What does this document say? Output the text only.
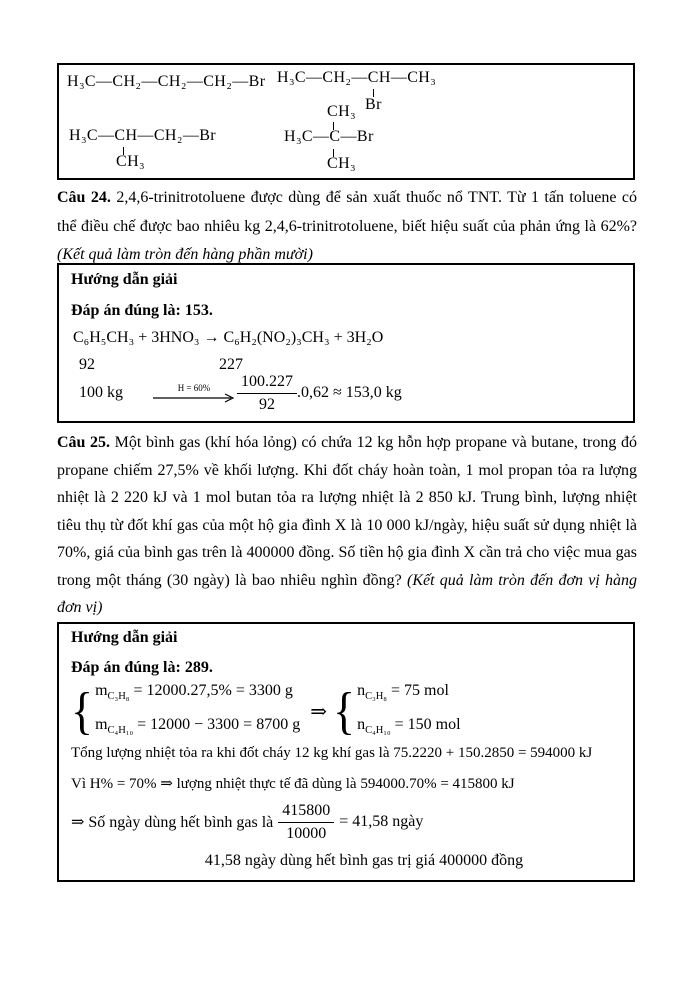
H₃C—CH₂—CH₂—CH₂—Br H₃C—CH₂—CH—CH₃
Br
H₃C—CH—CH₂—Br
CH₃
CH₃
H₃C—C—Br
CH₃

Câu 24. 2,4,6-trinitrotoluene được dùng để sản xuất thuốc nổ TNT. Từ 1 tấn toluene có thể điều chế được bao nhiêu kg 2,4,6-trinitrotoluene, biết hiệu suất của phản ứng là 62%? (Kết quả làm tròn đến hàng phần mười)

Hướng dẫn giải
Đáp án đúng là: 153.
C₆H₅CH₃ + 3HNO₃ → C₆H₂(NO₂)₃CH₃ + 3H₂O
92	227
100 kg	$H = 60\% \frac{100.227}{92} .0,62 \approx 153,0$ kg

Câu 25. Một bình gas (khí hóa lỏng) có chứa 12 kg hỗn hợp propane và butane, trong đó propane chiếm 27,5% về khối lượng. Khi đốt cháy hoàn toàn, 1 mol propan tỏa ra lượng nhiệt là 2 220 kJ và 1 mol butan tỏa ra lượng nhiệt là 2 850 kJ. Trung bình, lượng nhiệt tiêu thụ từ đốt khí gas của một hộ gia đình X là 10 000 kJ/ngày, hiệu suất sử dụng nhiệt là 70%, giá của bình gas trên là 400000 đồng. Số tiền hộ gia đình X cần trả cho việc mua gas trong một tháng (30 ngày) là bao nhiêu nghìn đồng? (Kết quả làm tròn đến đơn vị hàng đơn vị)

Hướng dẫn giải
Đáp án đúng là: 289.
{ $m_{C_3H_8} = 12000.27,5\% = 3300$ g
$m_{C_4H_{10}} = 12000 - 3300 = 8700$ g
⇒ { $n_{C_3H_8} = 75$ mol
$n_{C_4H_{10}} = 150$ mol
Tổng lượng nhiệt tỏa ra khi đốt cháy 12 kg khí gas là 75.2220 + 150.2850 = 594000 kJ
Vì H% = 70% ⇒ lượng nhiệt thực tế đã dùng là 594000.70% = 415800 kJ
⇒ Số ngày dùng hết bình gas là $\frac{415800}{10000} = 41,58$ ngày
41,58 ngày dùng hết bình gas trị giá 400000 đồng
